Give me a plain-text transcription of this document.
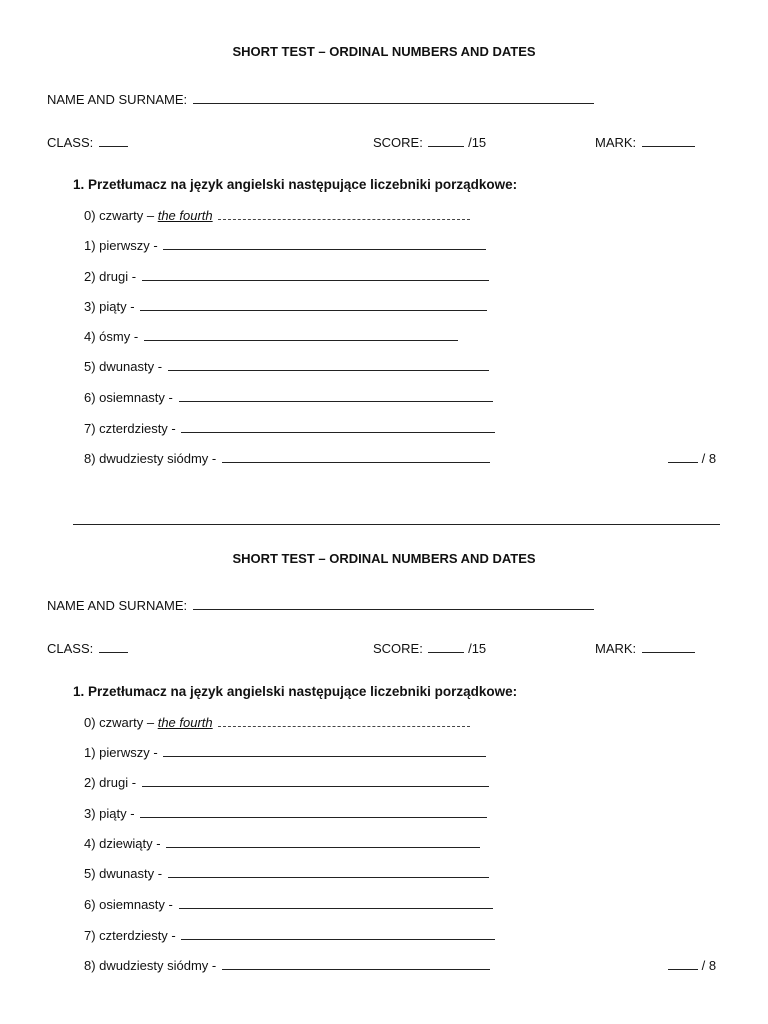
SHORT TEST – ORDINAL NUMBERS AND DATES
NAME AND SURNAME:
CLASS:	SCORE:	/15	MARK:
1. Przetłumacz na język angielski następujące liczebniki porządkowe:
0) czwarty – the fourth
1) pierwszy -
2) drugi -
3) piąty -
4) ósmy -
5) dwunasty -
6) osiemnasty -
7) czterdziesty -
8) dwudziesty siódmy -	/ 8
SHORT TEST – ORDINAL NUMBERS AND DATES
NAME AND SURNAME:
CLASS:	SCORE:	/15	MARK:
1. Przetłumacz na język angielski następujące liczebniki porządkowe:
0) czwarty – the fourth
1) pierwszy -
2) drugi -
3) piąty -
4) dziewiąty -
5) dwunasty -
6) osiemnasty -
7) czterdziesty -
8) dwudziesty siódmy -	/ 8
